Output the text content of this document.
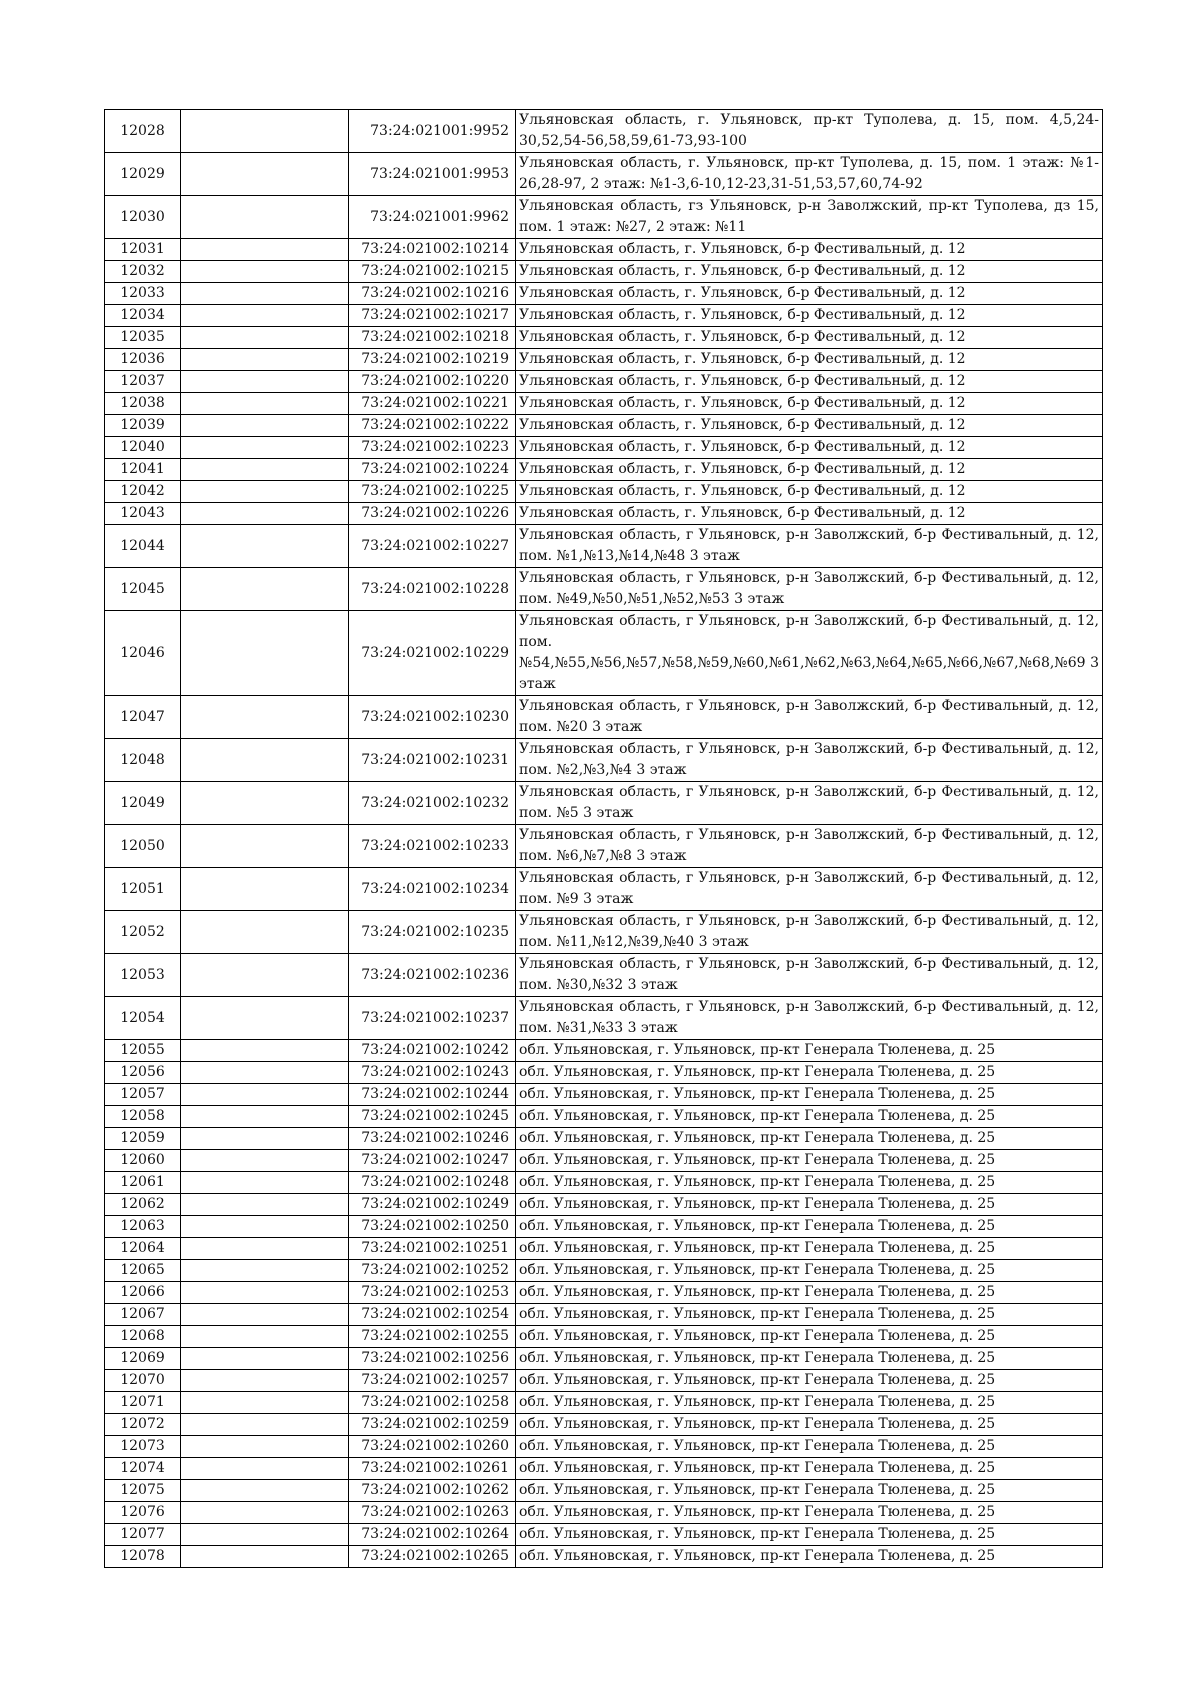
12028		73:24:021001:9952	Ульяновская область, г. Ульяновск, пр-кт Туполева, д. 15, пом. 4,5,24-30,52,54-56,58,59,61-73,93-100
12029		73:24:021001:9953	Ульяновская область, г. Ульяновск, пр-кт Туполева, д. 15, пом. 1 этаж: №1-26,28-97, 2 этаж: №1-3,6-10,12-23,31-51,53,57,60,74-92
12030		73:24:021001:9962	Ульяновская область, гз Ульяновск, р-н Заволжский, пр-кт Туполева, дз 15, пом. 1 этаж: №27, 2 этаж: №11
12031		73:24:021002:10214	Ульяновская область, г. Ульяновск, б-р Фестивальный, д. 12
12032		73:24:021002:10215	Ульяновская область, г. Ульяновск, б-р Фестивальный, д. 12
12033		73:24:021002:10216	Ульяновская область, г. Ульяновск, б-р Фестивальный, д. 12
12034		73:24:021002:10217	Ульяновская область, г. Ульяновск, б-р Фестивальный, д. 12
12035		73:24:021002:10218	Ульяновская область, г. Ульяновск, б-р Фестивальный, д. 12
12036		73:24:021002:10219	Ульяновская область, г. Ульяновск, б-р Фестивальный, д. 12
12037		73:24:021002:10220	Ульяновская область, г. Ульяновск, б-р Фестивальный, д. 12
12038		73:24:021002:10221	Ульяновская область, г. Ульяновск, б-р Фестивальный, д. 12
12039		73:24:021002:10222	Ульяновская область, г. Ульяновск, б-р Фестивальный, д. 12
12040		73:24:021002:10223	Ульяновская область, г. Ульяновск, б-р Фестивальный, д. 12
12041		73:24:021002:10224	Ульяновская область, г. Ульяновск, б-р Фестивальный, д. 12
12042		73:24:021002:10225	Ульяновская область, г. Ульяновск, б-р Фестивальный, д. 12
12043		73:24:021002:10226	Ульяновская область, г. Ульяновск, б-р Фестивальный, д. 12
12044		73:24:021002:10227	Ульяновская область, г Ульяновск, р-н Заволжский, б-р Фестивальный, д. 12, пом. №1,№13,№14,№48 3 этаж
12045		73:24:021002:10228	Ульяновская область, г Ульяновск, р-н Заволжский, б-р Фестивальный, д. 12, пом. №49,№50,№51,№52,№53 3 этаж
12046		73:24:021002:10229	Ульяновская область, г Ульяновск, р-н Заволжский, б-р Фестивальный, д. 12, пом. №54,№55,№56,№57,№58,№59,№60,№61,№62,№63,№64,№65,№66,№67,№68,№69 3 этаж
12047		73:24:021002:10230	Ульяновская область, г Ульяновск, р-н Заволжский, б-р Фестивальный, д. 12, пом. №20 3 этаж
12048		73:24:021002:10231	Ульяновская область, г Ульяновск, р-н Заволжский, б-р Фестивальный, д. 12, пом. №2,№3,№4 3 этаж
12049		73:24:021002:10232	Ульяновская область, г Ульяновск, р-н Заволжский, б-р Фестивальный, д. 12, пом. №5 3 этаж
12050		73:24:021002:10233	Ульяновская область, г Ульяновск, р-н Заволжский, б-р Фестивальный, д. 12, пом. №6,№7,№8 3 этаж
12051		73:24:021002:10234	Ульяновская область, г Ульяновск, р-н Заволжский, б-р Фестивальный, д. 12, пом. №9 3 этаж
12052		73:24:021002:10235	Ульяновская область, г Ульяновск, р-н Заволжский, б-р Фестивальный, д. 12, пом. №11,№12,№39,№40 3 этаж
12053		73:24:021002:10236	Ульяновская область, г Ульяновск, р-н Заволжский, б-р Фестивальный, д. 12, пом. №30,№32 3 этаж
12054		73:24:021002:10237	Ульяновская область, г Ульяновск, р-н Заволжский, б-р Фестивальный, д. 12, пом. №31,№33 3 этаж
12055		73:24:021002:10242	обл. Ульяновская, г. Ульяновск, пр-кт Генерала Тюленева, д. 25
12056		73:24:021002:10243	обл. Ульяновская, г. Ульяновск, пр-кт Генерала Тюленева, д. 25
12057		73:24:021002:10244	обл. Ульяновская, г. Ульяновск, пр-кт Генерала Тюленева, д. 25
12058		73:24:021002:10245	обл. Ульяновская, г. Ульяновск, пр-кт Генерала Тюленева, д. 25
12059		73:24:021002:10246	обл. Ульяновская, г. Ульяновск, пр-кт Генерала Тюленева, д. 25
12060		73:24:021002:10247	обл. Ульяновская, г. Ульяновск, пр-кт Генерала Тюленева, д. 25
12061		73:24:021002:10248	обл. Ульяновская, г. Ульяновск, пр-кт Генерала Тюленева, д. 25
12062		73:24:021002:10249	обл. Ульяновская, г. Ульяновск, пр-кт Генерала Тюленева, д. 25
12063		73:24:021002:10250	обл. Ульяновская, г. Ульяновск, пр-кт Генерала Тюленева, д. 25
12064		73:24:021002:10251	обл. Ульяновская, г. Ульяновск, пр-кт Генерала Тюленева, д. 25
12065		73:24:021002:10252	обл. Ульяновская, г. Ульяновск, пр-кт Генерала Тюленева, д. 25
12066		73:24:021002:10253	обл. Ульяновская, г. Ульяновск, пр-кт Генерала Тюленева, д. 25
12067		73:24:021002:10254	обл. Ульяновская, г. Ульяновск, пр-кт Генерала Тюленева, д. 25
12068		73:24:021002:10255	обл. Ульяновская, г. Ульяновск, пр-кт Генерала Тюленева, д. 25
12069		73:24:021002:10256	обл. Ульяновская, г. Ульяновск, пр-кт Генерала Тюленева, д. 25
12070		73:24:021002:10257	обл. Ульяновская, г. Ульяновск, пр-кт Генерала Тюленева, д. 25
12071		73:24:021002:10258	обл. Ульяновская, г. Ульяновск, пр-кт Генерала Тюленева, д. 25
12072		73:24:021002:10259	обл. Ульяновская, г. Ульяновск, пр-кт Генерала Тюленева, д. 25
12073		73:24:021002:10260	обл. Ульяновская, г. Ульяновск, пр-кт Генерала Тюленева, д. 25
12074		73:24:021002:10261	обл. Ульяновская, г. Ульяновск, пр-кт Генерала Тюленева, д. 25
12075		73:24:021002:10262	обл. Ульяновская, г. Ульяновск, пр-кт Генерала Тюленева, д. 25
12076		73:24:021002:10263	обл. Ульяновская, г. Ульяновск, пр-кт Генерала Тюленева, д. 25
12077		73:24:021002:10264	обл. Ульяновская, г. Ульяновск, пр-кт Генерала Тюленева, д. 25
12078		73:24:021002:10265	обл. Ульяновская, г. Ульяновск, пр-кт Генерала Тюленева, д. 25
